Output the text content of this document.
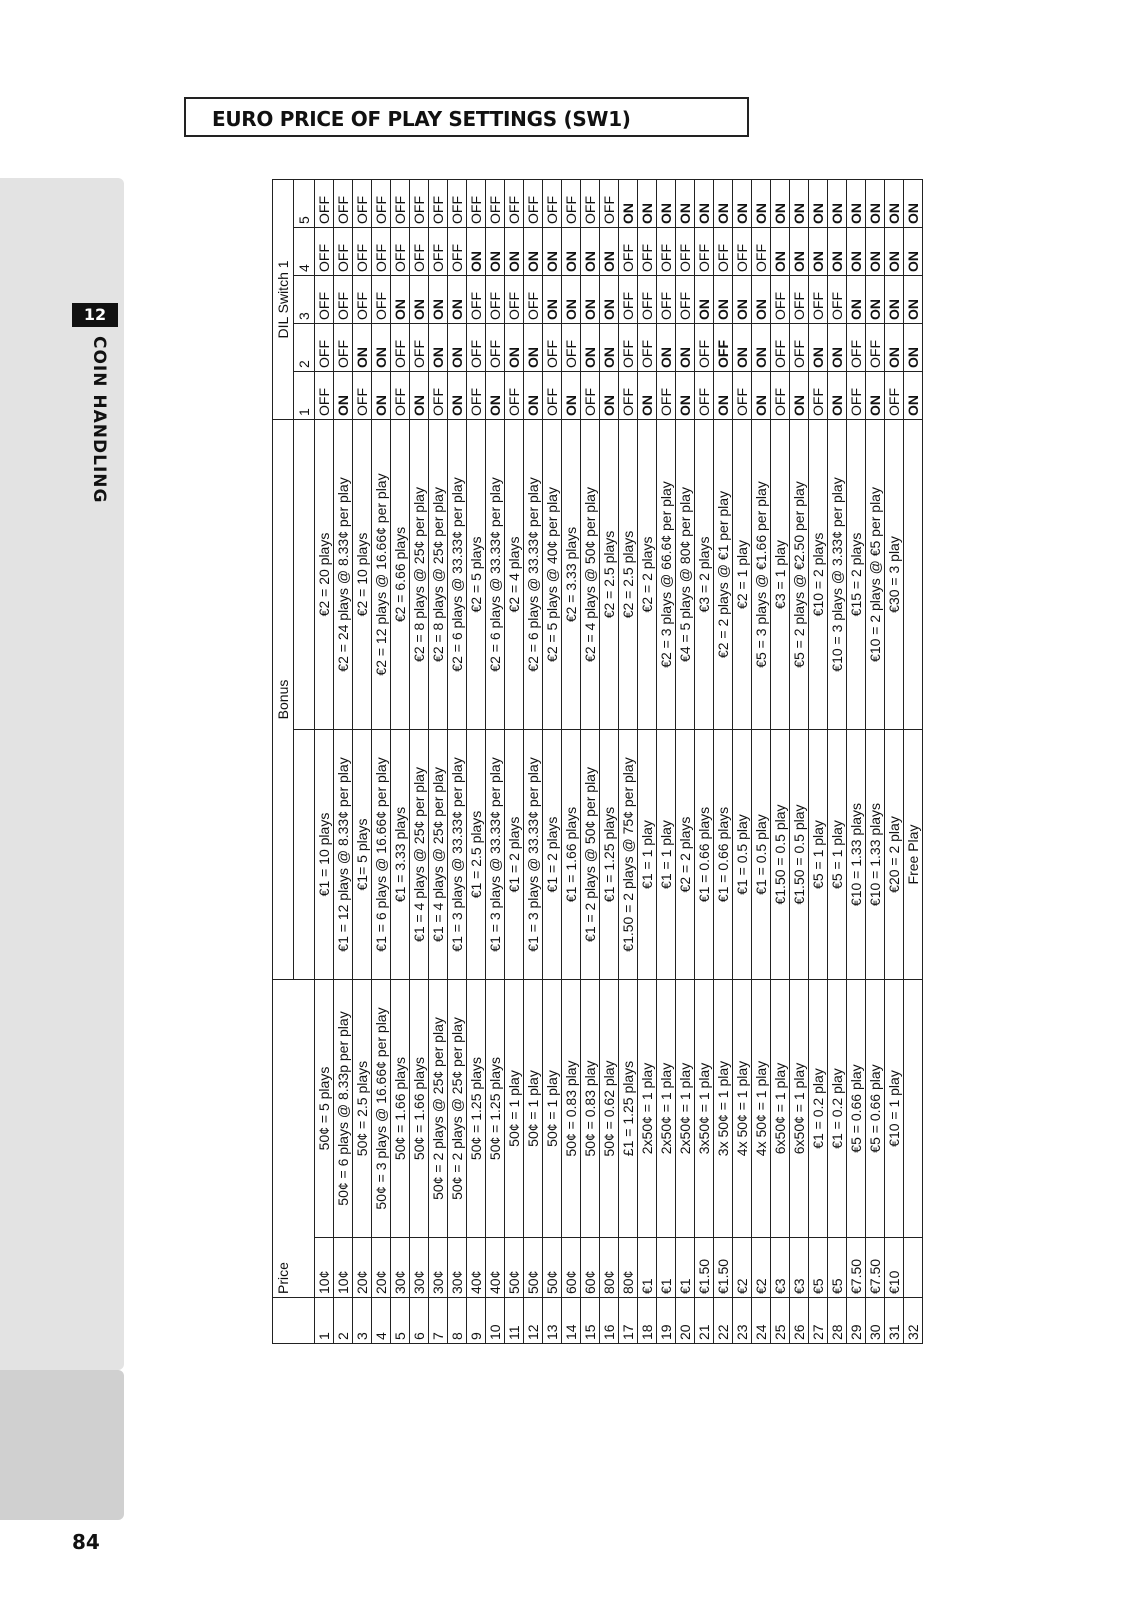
12
COIN HANDLING
EURO PRICE OF PLAY SETTINGS (SW1)
	Price		Bonus		DIL Switch 1				
					1	2	3	4	5
1	10¢	50¢ = 5 plays	€1 = 10 plays	€2 = 20 plays	OFF	OFF	OFF	OFF	OFF
2	10¢	50¢ = 6 plays @ 8.33p per play	€1 = 12 plays @ 8.33¢ per play	€2 = 24 plays @ 8.33¢ per play	ON	OFF	OFF	OFF	OFF
3	20¢	50¢ = 2.5 plays	€1= 5 plays	€2 = 10 plays	OFF	ON	OFF	OFF	OFF
4	20¢	50¢ = 3 plays @ 16.66¢ per play	€1 = 6 plays @ 16.66¢ per play	€2 = 12 plays @ 16.66¢ per play	ON	ON	OFF	OFF	OFF
5	30¢	50¢ = 1.66 plays	€1 = 3.33 plays	€2 = 6.66 plays	OFF	OFF	ON	OFF	OFF
6	30¢	50¢ = 1.66 plays	€1 = 4 plays @ 25¢ per play	€2 = 8 plays @ 25¢ per play	ON	OFF	ON	OFF	OFF
7	30¢	50¢ = 2 plays @ 25¢ per play	€1 = 4 plays @ 25¢ per play	€2 = 8 plays @ 25¢ per play	OFF	ON	ON	OFF	OFF
8	30¢	50¢ = 2 plays @ 25¢ per play	€1 = 3 plays @ 33.33¢ per play	€2 = 6 plays @ 33.33¢ per play	ON	ON	ON	OFF	OFF
9	40¢	50¢ = 1.25 plays	€1 = 2.5 plays	€2 = 5 plays	OFF	OFF	OFF	ON	OFF
10	40¢	50¢ = 1.25 plays	€1 = 3 plays @ 33.33¢ per play	€2 = 6 plays @ 33.33¢ per play	ON	OFF	OFF	ON	OFF
11	50¢	50¢ = 1 play	€1 = 2 plays	€2 = 4 plays	OFF	ON	OFF	ON	OFF
12	50¢	50¢ = 1 play	€1 = 3 plays @ 33.33¢ per play	€2 = 6 plays @ 33.33¢ per play	ON	ON	OFF	ON	OFF
13	50¢	50¢ = 1 play	€1 = 2 plays	€2 = 5 plays @ 40¢ per play	OFF	OFF	ON	ON	OFF
14	60¢	50¢ = 0.83 play	€1 = 1.66 plays	€2 = 3.33 plays	ON	OFF	ON	ON	OFF
15	60¢	50¢ = 0.83 play	€1 = 2 plays @ 50¢ per play	€2 = 4 plays @ 50¢ per play	OFF	ON	ON	ON	OFF
16	80¢	50¢ = 0.62 play	€1 = 1.25 plays	€2 = 2.5 plays	ON	ON	ON	ON	OFF
17	80¢	£1 = 1.25 plays	€1.50 = 2 plays @ 75¢ per play	€2 = 2.5 plays	OFF	OFF	OFF	OFF	ON
18	€1	2x50¢ = 1 play	€1 = 1 play	€2 = 2 plays	ON	OFF	OFF	OFF	ON
19	€1	2x50¢ = 1 play	€1 = 1 play	€2 = 3 plays @ 66.6¢ per play	OFF	ON	OFF	OFF	ON
20	€1	2x50¢ = 1 play	€2 = 2 plays	€4 = 5 plays @ 80¢ per play	ON	ON	OFF	OFF	ON
21	€1.50	3x50¢ = 1 play	€1 = 0.66 plays	€3 = 2 plays	OFF	OFF	ON	OFF	ON
22	€1.50	3x 50¢ = 1 play	€1 = 0.66 plays	€2 = 2 plays @ €1 per play	ON	OFF	ON	OFF	ON
23	€2	4x 50¢ = 1 play	€1 = 0.5 play	€2 = 1 play	OFF	ON	ON	OFF	ON
24	€2	4x 50¢ = 1 play	€1 = 0.5 play	€5 = 3 plays @ €1.66 per play	ON	ON	ON	OFF	ON
25	€3	6x50¢ = 1 play	€1.50 = 0.5 play	€3 = 1 play	OFF	OFF	OFF	ON	ON
26	€3	6x50¢ = 1 play	€1.50 = 0.5 play	€5 = 2 plays @ €2.50 per play	ON	OFF	OFF	ON	ON
27	€5	€1 = 0.2 play	€5 = 1 play	€10 = 2 plays	OFF	ON	OFF	ON	ON
28	€5	€1 = 0.2 play	€5 = 1 play	€10 = 3 plays @ 3.33¢ per play	ON	ON	OFF	ON	ON
29	€7.50	€5 = 0.66 play	€10 = 1.33 plays	€15 = 2 plays	OFF	OFF	ON	ON	ON
30	€7.50	€5 = 0.66 play	€10 = 1.33 plays	€10 = 2 plays @ €5 per play	ON	OFF	ON	ON	ON
31	€10	€10 = 1 play	€20 = 2 play	€30 = 3 play	OFF	ON	ON	ON	ON
32			Free Play		ON	ON	ON	ON	ON
84
